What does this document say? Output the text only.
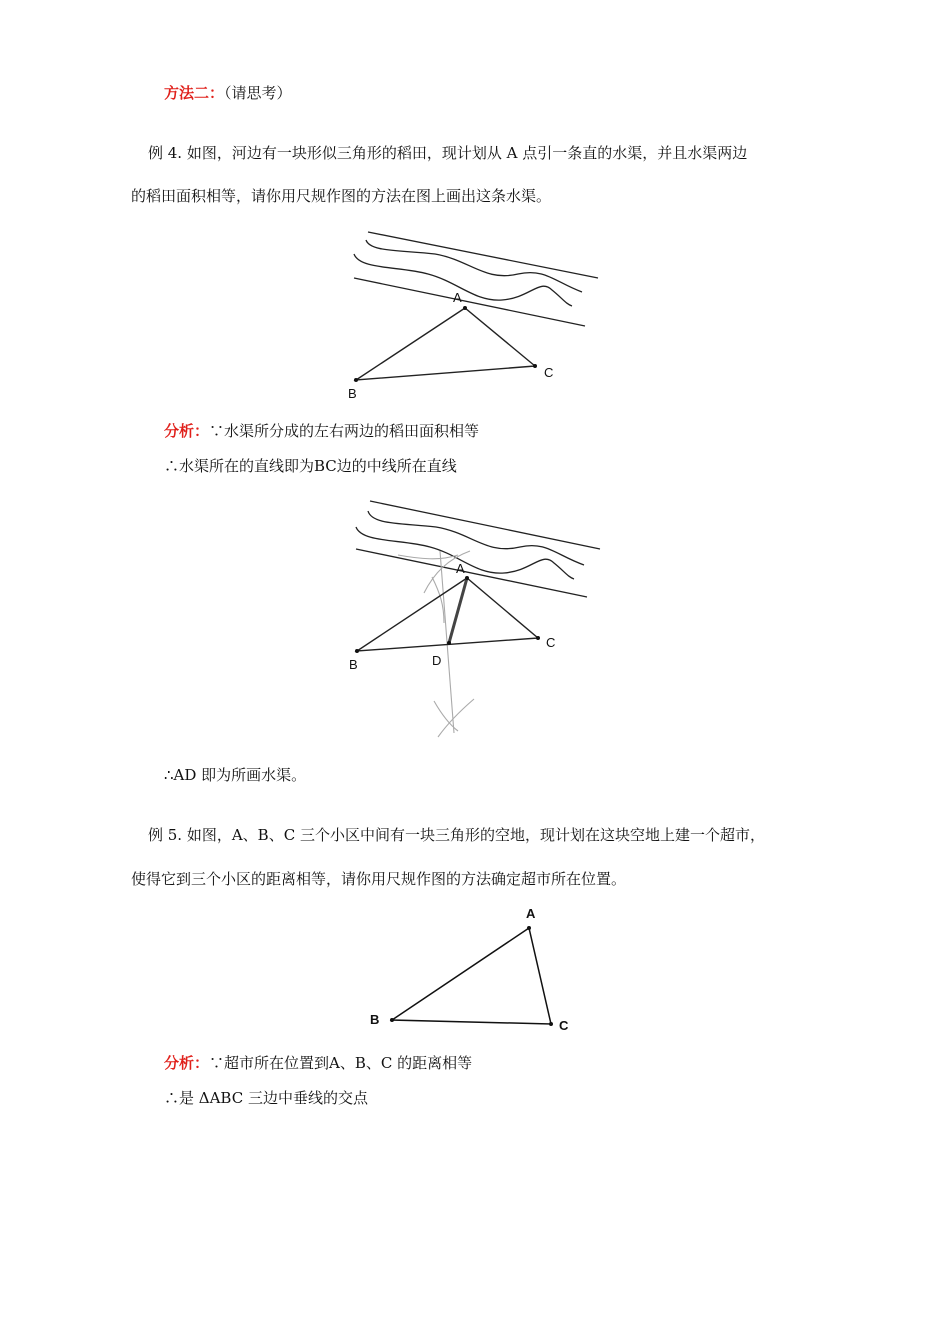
方法二：（请思考）
例 4. 如图，河边有一块形似三角形的稻田，现计划从 A 点引一条直的水渠，并且水渠两边
的稻田面积相等，请你用尺规作图的方法在图上画出这条水渠。
A
B
C
分析：∵水渠所分成的左右两边的稻田面积相等
∴水渠所在的直线即为BC边的中线所在直线
A
B
C
D
∴AD 即为所画水渠。
例 5. 如图，A、B、C 三个小区中间有一块三角形的空地，现计划在这块空地上建一个超市，
使得它到三个小区的距离相等，请你用尺规作图的方法确定超市所在位置。
A
B	C
分析：∵超市所在位置到A、B、C 的距离相等
∴是 ΔABC 三边中垂线的交点
